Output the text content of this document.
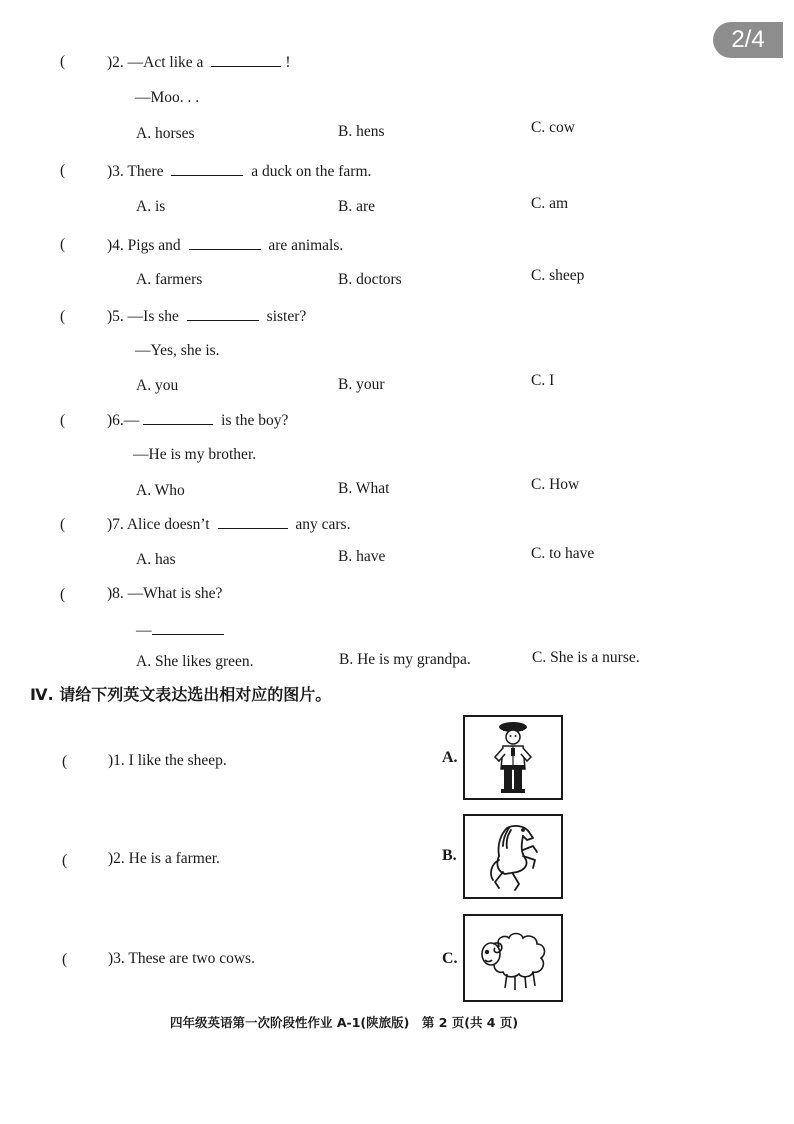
2/4
(	)2. —Act like a	!
—Moo. . .
A. horses	B. hens	C. cow
(	)3. There	a duck on the farm.
A. is	B. are	C. am
(	)4. Pigs and	are animals.
A. farmers	B. doctors	C. sheep
(	)5. —Is she	sister?
—Yes, she is.
A. you	B. your	C. I
(	)6.—	is the boy?
—He is my brother.
A. Who	B. What	C. How
(	)7. Alice doesn’t	any cars.
A. has	B. have	C. to have
(	)8. —What is she?
—
A. She likes green.	B. He is my grandpa.	C. She is a nurse.
Ⅳ. 请给下列英文表达选出相对应的图片。
(	)1. I like the sheep.
(	)2. He is a farmer.
(	)3. These are two cows.
A.
B.
C.
四年级英语第一次阶段性作业 A-1(陕旅版)　第 2 页(共 4 页)
